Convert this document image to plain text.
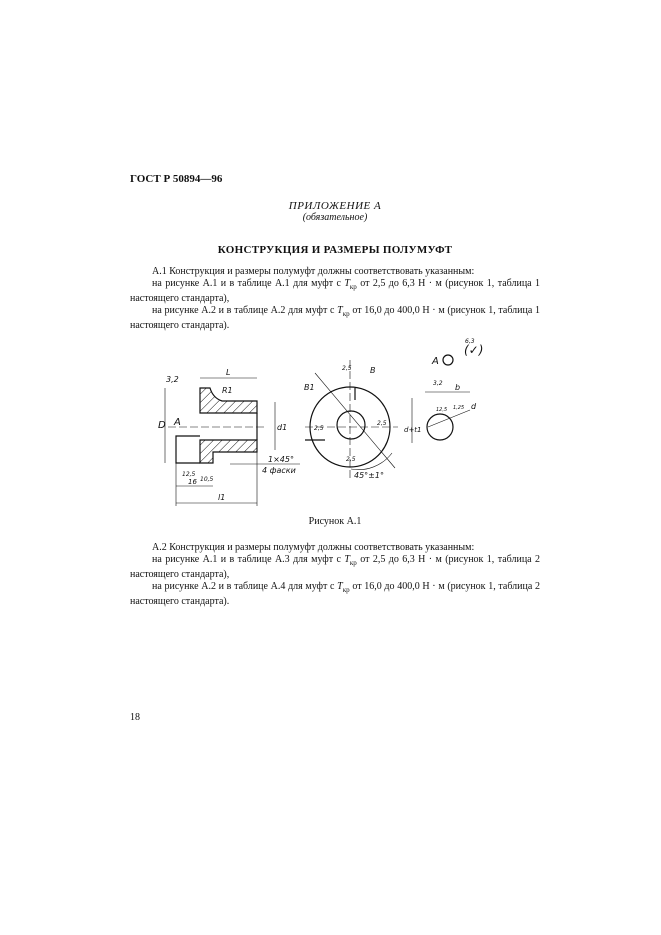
ГОСТ Р 50894—96
ПРИЛОЖЕНИЕ А
(обязательное)
КОНСТРУКЦИЯ И РАЗМЕРЫ ПОЛУМУФТ

А.1 Конструкция и размеры полумуфт должны соответствовать указанным:

на рисунке А.1 и в таблице А.1 для муфт с $T_{кр}$ от 2,5 до 6,3 Н · м (рисунок 1, таблица 1 настоящего стандарта),

на рисунке А.2 и в таблице А.2 для муфт с $T_{кр}$ от 16,0 до 400,0 Н · м (рисунок 1, таблица 1 настоящего стандарта).

3,2
L
R1
D A	d1
1×45°
4 фаски
12,5
10,5
16
l1
B1
2,5 B
2,5
2,5
2,5
45°±1°
6,3
(✓)
A
3,2 b
d+t1
1,25
12,5	d
Рисунок А.1

А.2 Конструкция и размеры полумуфт должны соответствовать указанным:

на рисунке А.1 и в таблице А.3 для муфт с $T_{кр}$ от 2,5 до 6,3 Н · м (рисунок 1, таблица 2 настоящего стандарта),

на рисунке А.2 и в таблице А.4 для муфт с $T_{кр}$ от 16,0 до 400,0 Н · м (рисунок 1, таблица 2 настоящего стандарта).

18
